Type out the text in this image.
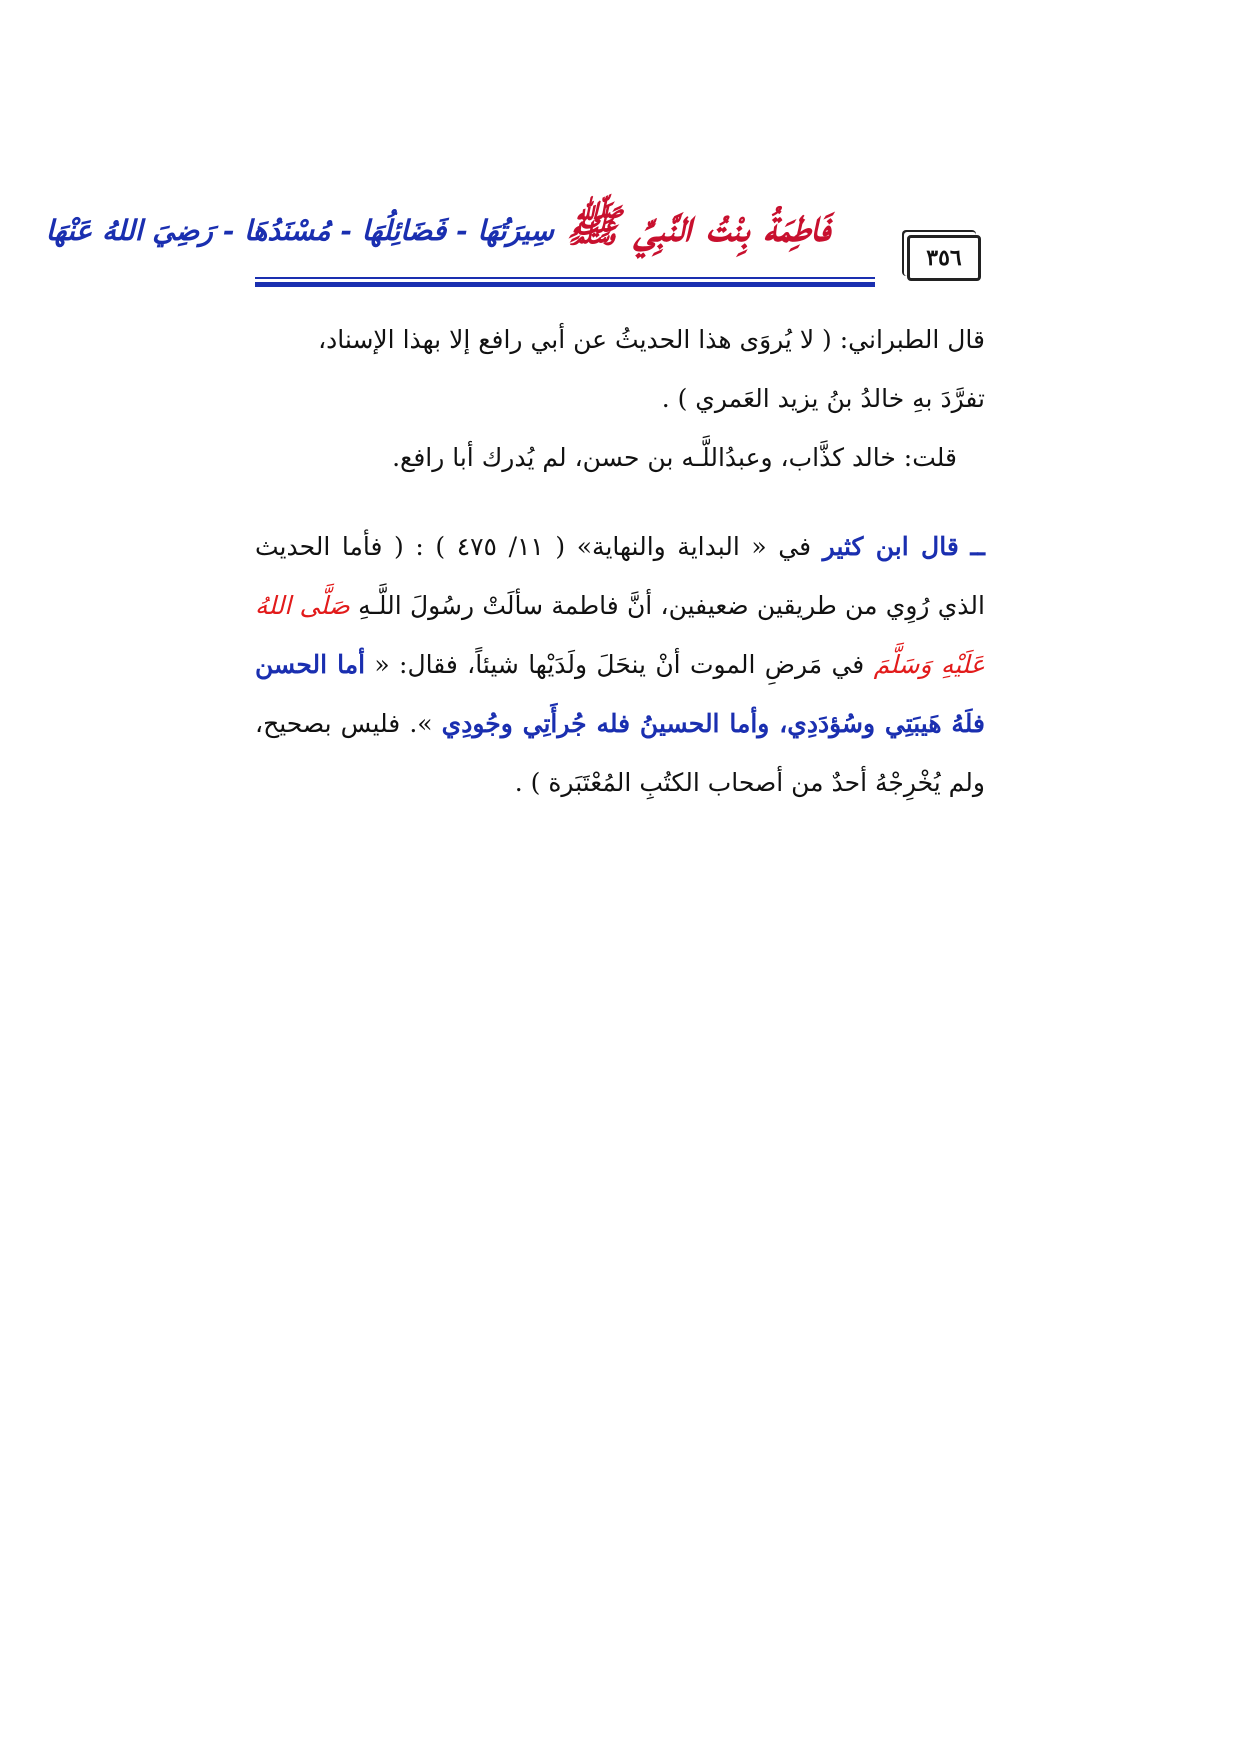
٣٥٦
فَاطِمَةُ بِنْتُ النَّبِيِّ ﷺ
سِيرَتُهَا - فَضَائِلُهَا - مُسْنَدُهَا - رَضِيَ اللهُ عَنْهَا

قال الطبراني: ( لا يُروَى هذا الحديثُ عن أبي رافع إلا بهذا الإسناد،
تفرَّدَ بهِ خالدُ بنُ يزيد العَمري ) .

قلت: خالد كذَّاب، وعبدُاللَّـه بن حسن، لم يُدرك أبا رافع.

ــ قال ابن كثير في « البداية والنهاية» ( ١١/ ٤٧٥ ) : ( فأما الحديث الذي رُوِي من طريقين ضعيفين، أنَّ فاطمة سألَتْ رسُولَ اللَّـهِ صَلَّى اللهُ عَلَيْهِ وَسَلَّمَ في مَرضِ الموت أنْ ينحَلَ ولَدَيْها شيئاً، فقال: « أما الحسن فلَهُ هَيبَتِي وسُؤدَدِي، وأما الحسينُ فله جُرأَتِي وجُودِي ». فليس بصحيح، ولم يُخْرِجْهُ أحدٌ من أصحاب الكتُبِ المُعْتَبَرة ) .
